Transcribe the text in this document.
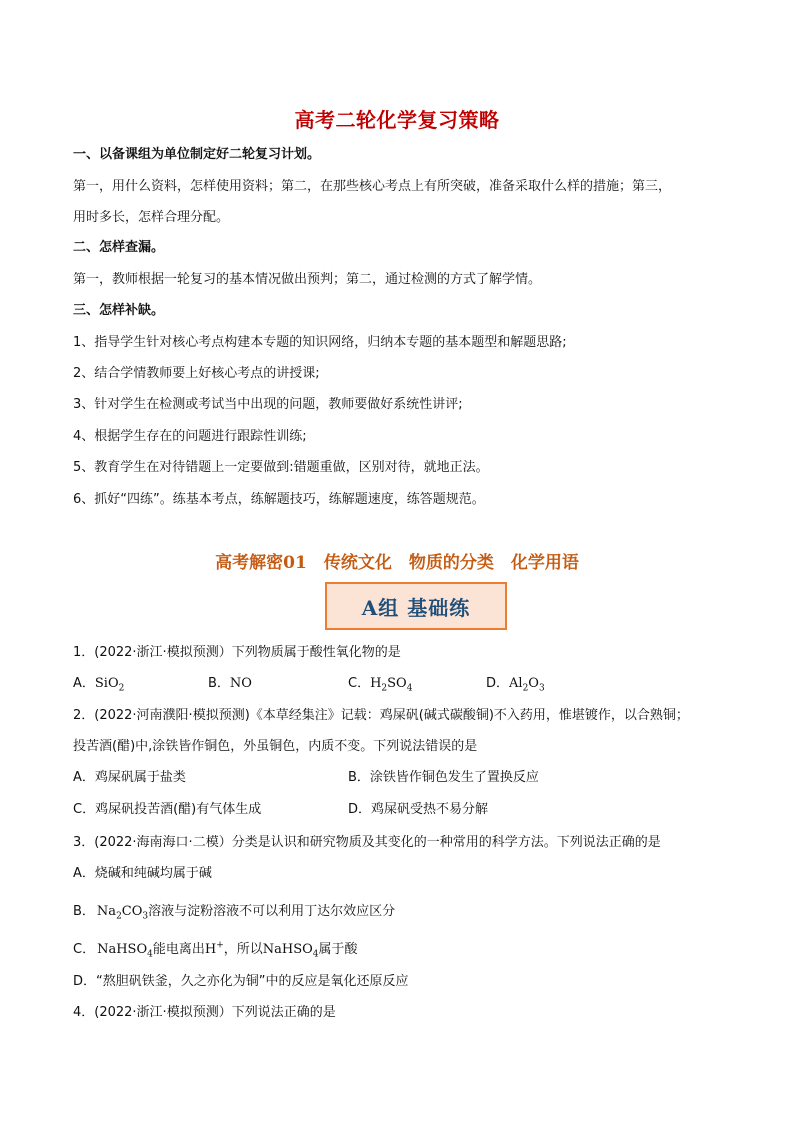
高考二轮化学复习策略
一、以备课组为单位制定好二轮复习计划。
第一，用什么资料，怎样使用资料；第二，在那些核心考点上有所突破，准备采取什么样的措施；第三，
用时多长，怎样合理分配。
二、怎样查漏。
第一，教师根据一轮复习的基本情况做出预判；第二，通过检测的方式了解学情。
三、怎样补缺。
1、指导学生针对核心考点构建本专题的知识网络，归纳本专题的基本题型和解题思路;
2、结合学情教师要上好核心考点的讲授课;
3、针对学生在检测或考试当中出现的问题，教师要做好系统性讲评;
4、根据学生存在的问题进行跟踪性训练;
5、教育学生在对待错题上一定要做到:错题重做，区别对待，就地正法。
6、抓好“四练”。练基本考点，练解题技巧，练解题速度，练答题规范。
高考解密01　传统文化　物质的分类　化学用语
A组 基础练
1．(2022·浙江·模拟预测）下列物质属于酸性氧化物的是
A．SiO$_2$	B．NO	C．$H_2SO_4$	D．$Al_2O_3$
2．(2022·河南濮阳·模拟预测)《本草经集注》记载：鸡屎矾(碱式碳酸铜)不入药用，惟堪镀作，以合熟铜；
投苦酒(醋)中,涂铁皆作铜色，外虽铜色，内质不变。下列说法错误的是
A．鸡屎矾属于盐类	B．涂铁皆作铜色发生了置换反应
C．鸡屎矾投苦酒(醋)有气体生成	D．鸡屎矾受热不易分解
3．(2022·海南海口·二模）分类是认识和研究物质及其变化的一种常用的科学方法。下列说法正确的是
A．烧碱和纯碱均属于碱
B． $Na_2CO_3$溶液与淀粉溶液不可以利用丁达尔效应区分
C． NaHSO$_4$能电离出H+，所以NaHSO$_4$属于酸
D．“熬胆矾铁釜，久之亦化为铜”中的反应是氧化还原反应
4．(2022·浙江·模拟预测）下列说法正确的是
